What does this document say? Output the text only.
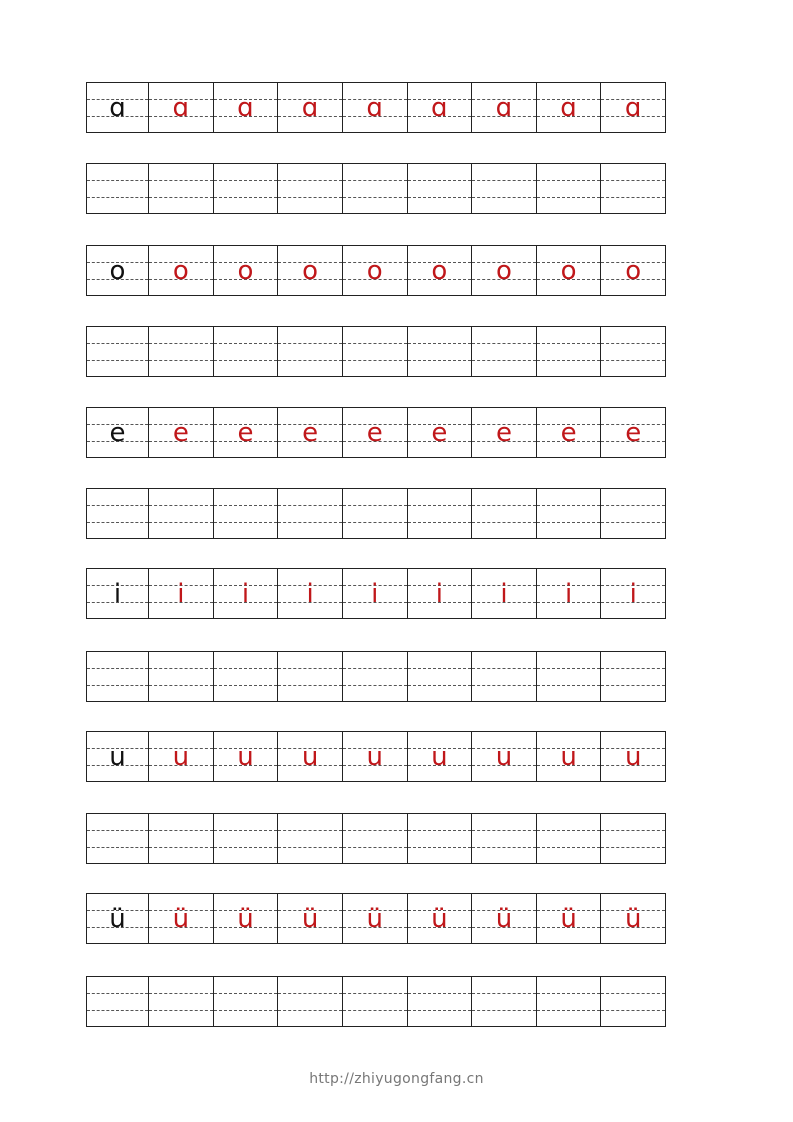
ɑ	ɑ	ɑ	ɑ	ɑ	ɑ	ɑ	ɑ	ɑ
o	o	o	o	o	o	o	o	o
e	e	e	e	e	e	e	e	e
i	i	i	i	i	i	i	i	i
u	u	u	u	u	u	u	u	u
ü	ü	ü	ü	ü	ü	ü	ü	ü
http://zhiyugongfang.cn
